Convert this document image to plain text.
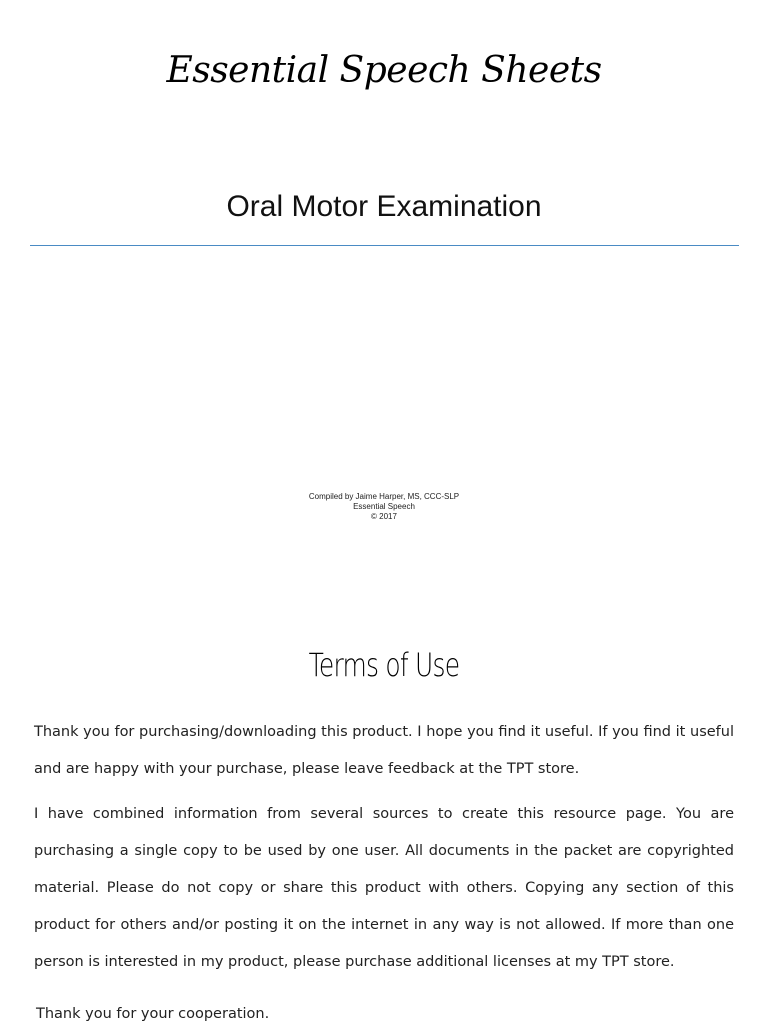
Essential Speech Sheets
Oral Motor Examination
Compiled by Jaime Harper, MS, CCC-SLP
Essential Speech
© 2017
Terms of Use

Thank you for purchasing/downloading this product. I hope you find it useful. If you find it useful and are happy with your purchase, please leave feedback at the TPT store.

I have combined information from several sources to create this resource page. You are purchasing a single copy to be used by one user. All documents in the packet are copyrighted material. Please do not copy or share this product with others. Copying any section of this product for others and/or posting it on the internet in any way is not allowed. If more than one person is interested in my product, please purchase additional licenses at my TPT store.

Thank you for your cooperation.
